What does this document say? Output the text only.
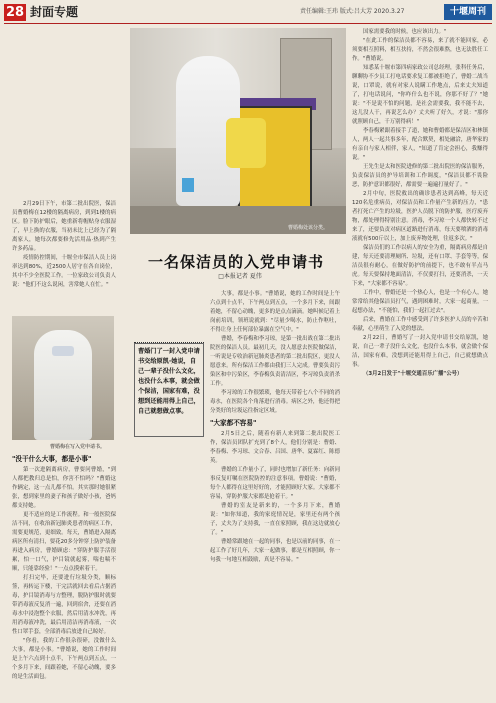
28 封面专题	责任编辑:王玮 版式:吕大芳 2020.3.27	十堰周刊

2月29日下午，市第二批出院医，保洁员曹婚梅在12楼的隔离病房，到到1楼的病区。脸下防护眼后，她重新将帽贴身衣服湿了，早上换的衣服，当初未比上已经为了隔离家人，她每次都要修先活用品·热到产生许多药品。

疫情防控期间，十堰全市保洁人员上岗率达到80%，近2500人居守在各自岗位，其中不少全医院工作。一位家政公司负责人说："他们不这么说闲，害常她人在忙。"

"没干什么大事，都是小事"

第一次进隔离病房，曹要问曹婚，"到人都把教归总是怕，你害不怕吗？"曹婚这作辆定，这一点儿都不怕。其实那时她很紧张，想到家里的妻子和孩子做好小孩，爸妈都支持她。

更不适应的是工作流程。和一般医院保洁不同，在收治新冠肺炎患者的病区工作，需要更规范，更细致。每天，曹婚进入隔离病区所有清扫，要花20多分钟穿上防护装备再进入病房，曹婚顾虑："穿防护服手活很累，怕一口气，护目镜就起雾，喘也喘不顺，只能靠经验！"一点点摸索着干。

打扫完毕，还要进行垃圾分类，顺标签，再转运下楼，干完活就回去看后占据消毒，护目镜消毒与方整理，脱防护服时就要带消毒液反复消一遍，回到宿舍，还要在消毒水中浸泡整个衣服，然后用清水冲洗，再用消毒液冲洗，最后用清洁再消毒液，一次性口罩手套，全部消毒后放进自己晾好。

"你看，我的工作很杂很碎，没做什么大事，都是小事。"曹婚说，她的工作时间是上午六点到十点半，下午两点到五点，一个多月下来，间跟着她，不留心动魄，要多的是生活面包。

曹婚梅处该分类。
一名保洁员的入党申请书
□本报记者 夏伟
曹婚梅在写入党申请书。
曹婚门了一封入党申请书交给原凯·她说，自己一辈子没什么文化，也没什么本事，就会做个保洁，国家有难，没想到还能用得上自己，自己就想做点事。

大事，都是小事。"曹婚说，她的工作时间是上午六点到十点半，下午两点到五点，一个多月下来，间跟着她，不留心动魄，更多的是点点滴滴。她叫候记着上岗前培训，领班说就到："尽量少喝水，防止作呕吐，不得让身上任何部位暴露在空气中。"

曹婚，李春梅和李习琼，是第一批出战在第二批出院医的保洁人员。最初几天，没人愿意去医院做保洁，一听说是专收治新冠肺炎患者的第二批出院区，更没人愿意来。所有保洁工作都由我们三人完成。曹要负责污染区和中污染区，李春梅负责清洁区，李习琼负责消杀工作。

李习琼的工作很繁琐，他每天带着七八个不同的消毒水，在医院各个角落进行消毒。病区之外，他还得把分类好的垃圾运往指定区域。

"大家都不容易"

2月5日之后，随着有新人来到第二批出院医工作，保洁员团队扩充到了8个人，他们分别是：曹婚、李春梅、李习琼、文合春、吕国、唐华、夏霖红、陈德英。

曹婚的工作量小了，同时也增加了新任务：向新同事反复叮嘱在医院防控的注意事项。曹婚说："曹婚，每个人都得在这里好好的，才能照顾好大家。大家都不容易，穿防护服大家都是抢着干。"

曹婚的室友是新来的，一个多月下来，曹婚说："如你知道，我的家庭情况是，家里还有两个孩子，丈夫为了支持我，一直在家照顾，我在这边就放心了。"

曹婚常跟她在一起的同事，也是以前的同事，在一起工作了好几年，大家一起做事，都是互相照顾，你一句我一句地互相鼓励，真是不容易。"

国家需要我的时候，也应该出力。"

"在此工作的保洁员都不容易，来了就不能回家，必须要相互照料，相互扶持，不然会很难熬，也无法胜任工作。"曹婚说。

知悉某十堰市第四病家政公司总经理，张科任务后，聊聊协不少员工打电话要求复工都被拒绝了，曹婚二战当说，口罩说，就有对家人说瞒工作地点，后来丈夫知道了，打电话说问，"你咋什么也不说，你那不好了？"她说："不是说不怕的问题，是社会需要我，我不能不去，这儿没人干，再说艺么办？丈夫听了好久，才说："那你就照顾自己，千万别得病！"

李春梅紧跟着接手了道，她和曹婚都是保洁区和林镇人，两人一起共事多年，配合默契，相处融洽，唐华家的有亲自与家人相伴，家人，"知道了肯定会担心，我赚得说。"

王先生是太和医院进修的第二批出院医的保洁服务，负责保洁员的护导培训和工作调度，"保洁员都不畏险恶，防护意识都很好，都需要一遍遍打量好了。"

2月中旬，医院救出的确诊患者达到高峰，每天近120名危重病员，对保洁员和工作量产生新的压力，"患者打死亡产生的垃圾，医护人员脱下的防护服，医疗废弃物，都处理得特别注意。消毒，李习琼一个人都快转不过来了，还要负责对病区道路进行消毒，每天要喷洒的消毒液就有500斤以上，加上废弃物处理，往返多次。"

保洁员们的工作以病人的安全为重，隔离病房都是自建，每天还要清理厕所、垃圾，还有口罩、手套等等，保洁员很有耐心，在做好防护的前提下，也不敢有半点马虎。每天要保持地面清洁，不仅要打扫，还要消杀，一天下来，"大家都不容易"。

工作中，曹婚还是一个热心人，也是一个有心人，她常常给其他保洁员打气，遇到困难时，大家一起商量，一起想办法，"不能怕，我们一起扛过去"。

后来，曹婚在工作中感受到了许多医护人员的辛苦和奉献，心里萌生了入党的想法。

2月22日，曹婚写了一封入党申请书交给原凯，她说，自己一辈子没什么文化，也没什么本事，就会做个保洁，国家有难，没想到还能用得上自己，自己就想做点事。

（3月2日发于"十堰交通百乐广播"公号）
